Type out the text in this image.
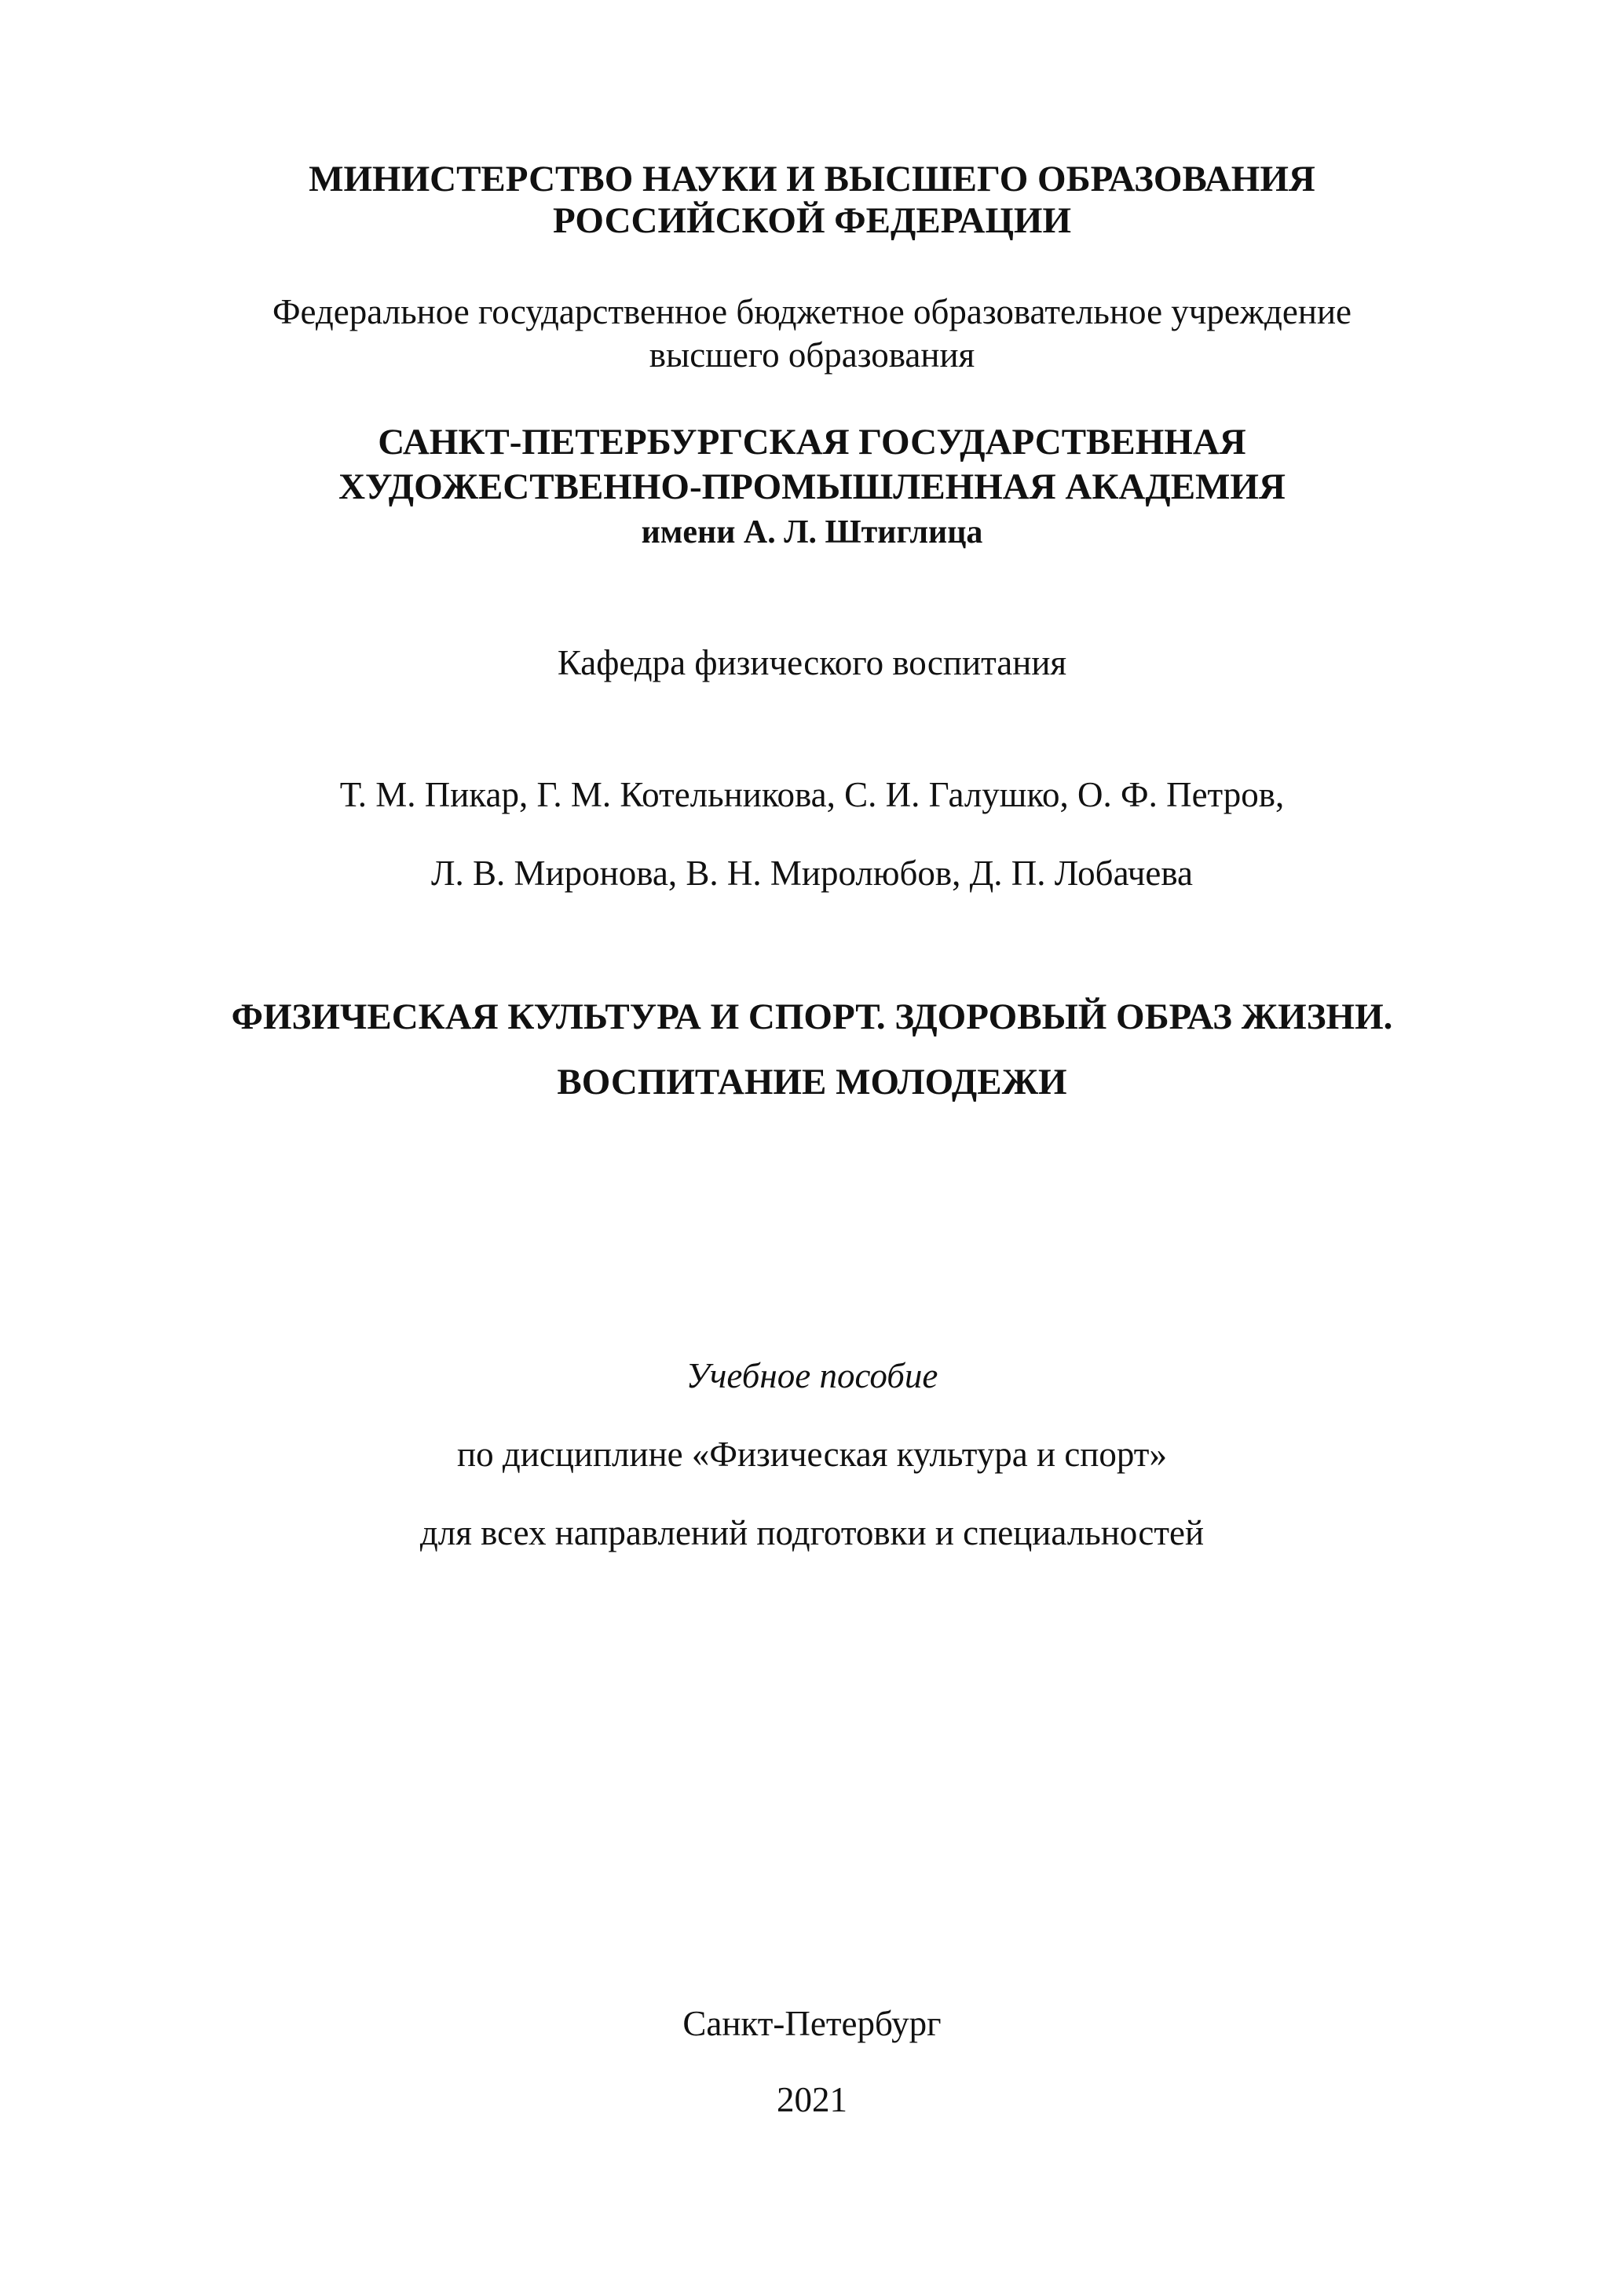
МИНИСТЕРСТВО НАУКИ И ВЫСШЕГО ОБРАЗОВАНИЯ

РОССИЙСКОЙ ФЕДЕРАЦИИ

Федеральное государственное бюджетное образовательное учреждение

высшего образования

САНКТ-ПЕТЕРБУРГСКАЯ ГОСУДАРСТВЕННАЯ

ХУДОЖЕСТВЕННО-ПРОМЫШЛЕННАЯ АКАДЕМИЯ

имени А. Л. Штиглица

Кафедра физического воспитания

Т. М. Пикар, Г. М. Котельникова, С. И. Галушко, О. Ф. Петров,

Л. В. Миронова, В. Н. Миролюбов, Д. П. Лобачева

ФИЗИЧЕСКАЯ КУЛЬТУРА И СПОРТ. ЗДОРОВЫЙ ОБРАЗ ЖИЗНИ.

ВОСПИТАНИЕ МОЛОДЕЖИ

Учебное пособие

по дисциплине «Физическая культура и спорт»

для всех направлений подготовки и специальностей

Санкт-Петербург

2021
